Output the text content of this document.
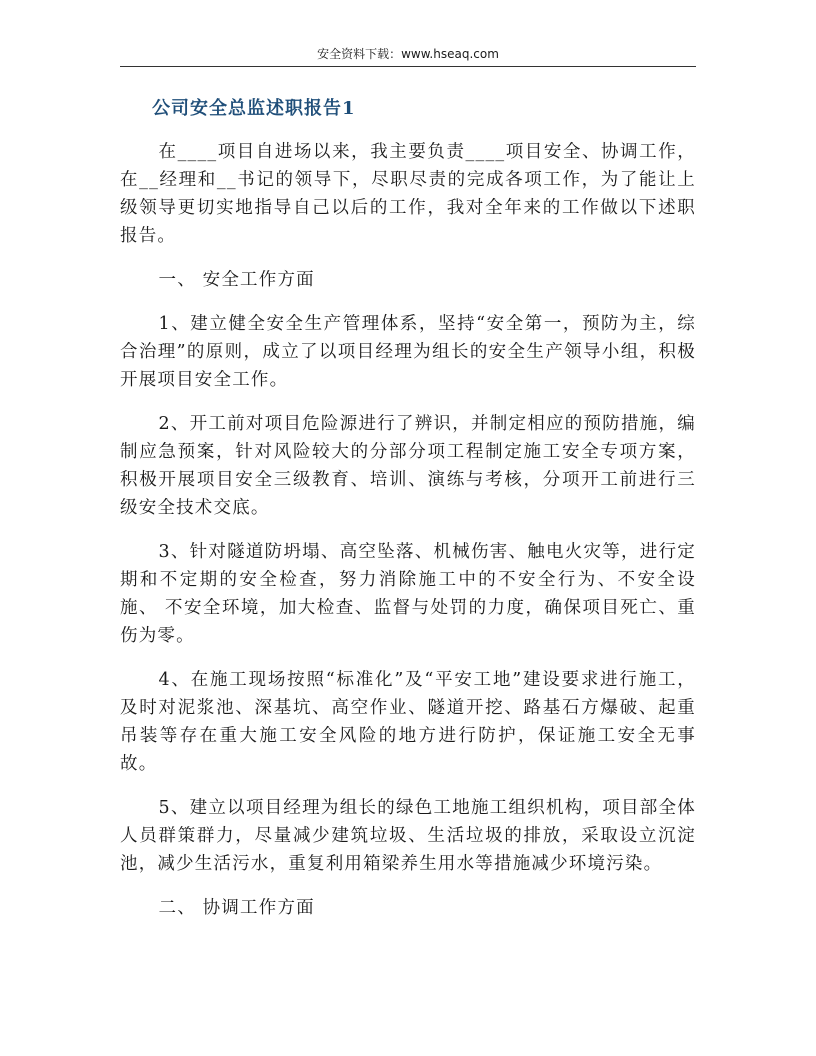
安全资料下载：www.hseaq.com
公司安全总监述职报告1

在____项目自进场以来，我主要负责____项目安全、协调工作，在__经理和__书记的领导下，尽职尽责的完成各项工作，为了能让上级领导更切实地指导自己以后的工作，我对全年来的工作做以下述职报告。

一、 安全工作方面

1、建立健全安全生产管理体系，坚持“安全第一，预防为主，综合治理”的原则，成立了以项目经理为组长的安全生产领导小组，积极开展项目安全工作。

2、开工前对项目危险源进行了辨识，并制定相应的预防措施，编制应急预案，针对风险较大的分部分项工程制定施工安全专项方案，积极开展项目安全三级教育、培训、演练与考核，分项开工前进行三级安全技术交底。

3、针对隧道防坍塌、高空坠落、机械伤害、触电火灾等，进行定期和不定期的安全检查，努力消除施工中的不安全行为、不安全设施、 不安全环境，加大检查、监督与处罚的力度，确保项目死亡、重伤为零。

4、在施工现场按照“标准化”及“平安工地”建设要求进行施工，及时对泥浆池、深基坑、高空作业、隧道开挖、路基石方爆破、起重吊装等存在重大施工安全风险的地方进行防护，保证施工安全无事故。

5、建立以项目经理为组长的绿色工地施工组织机构，项目部全体人员群策群力，尽量减少建筑垃圾、生活垃圾的排放，采取设立沉淀池，减少生活污水，重复利用箱梁养生用水等措施减少环境污染。

二、 协调工作方面
